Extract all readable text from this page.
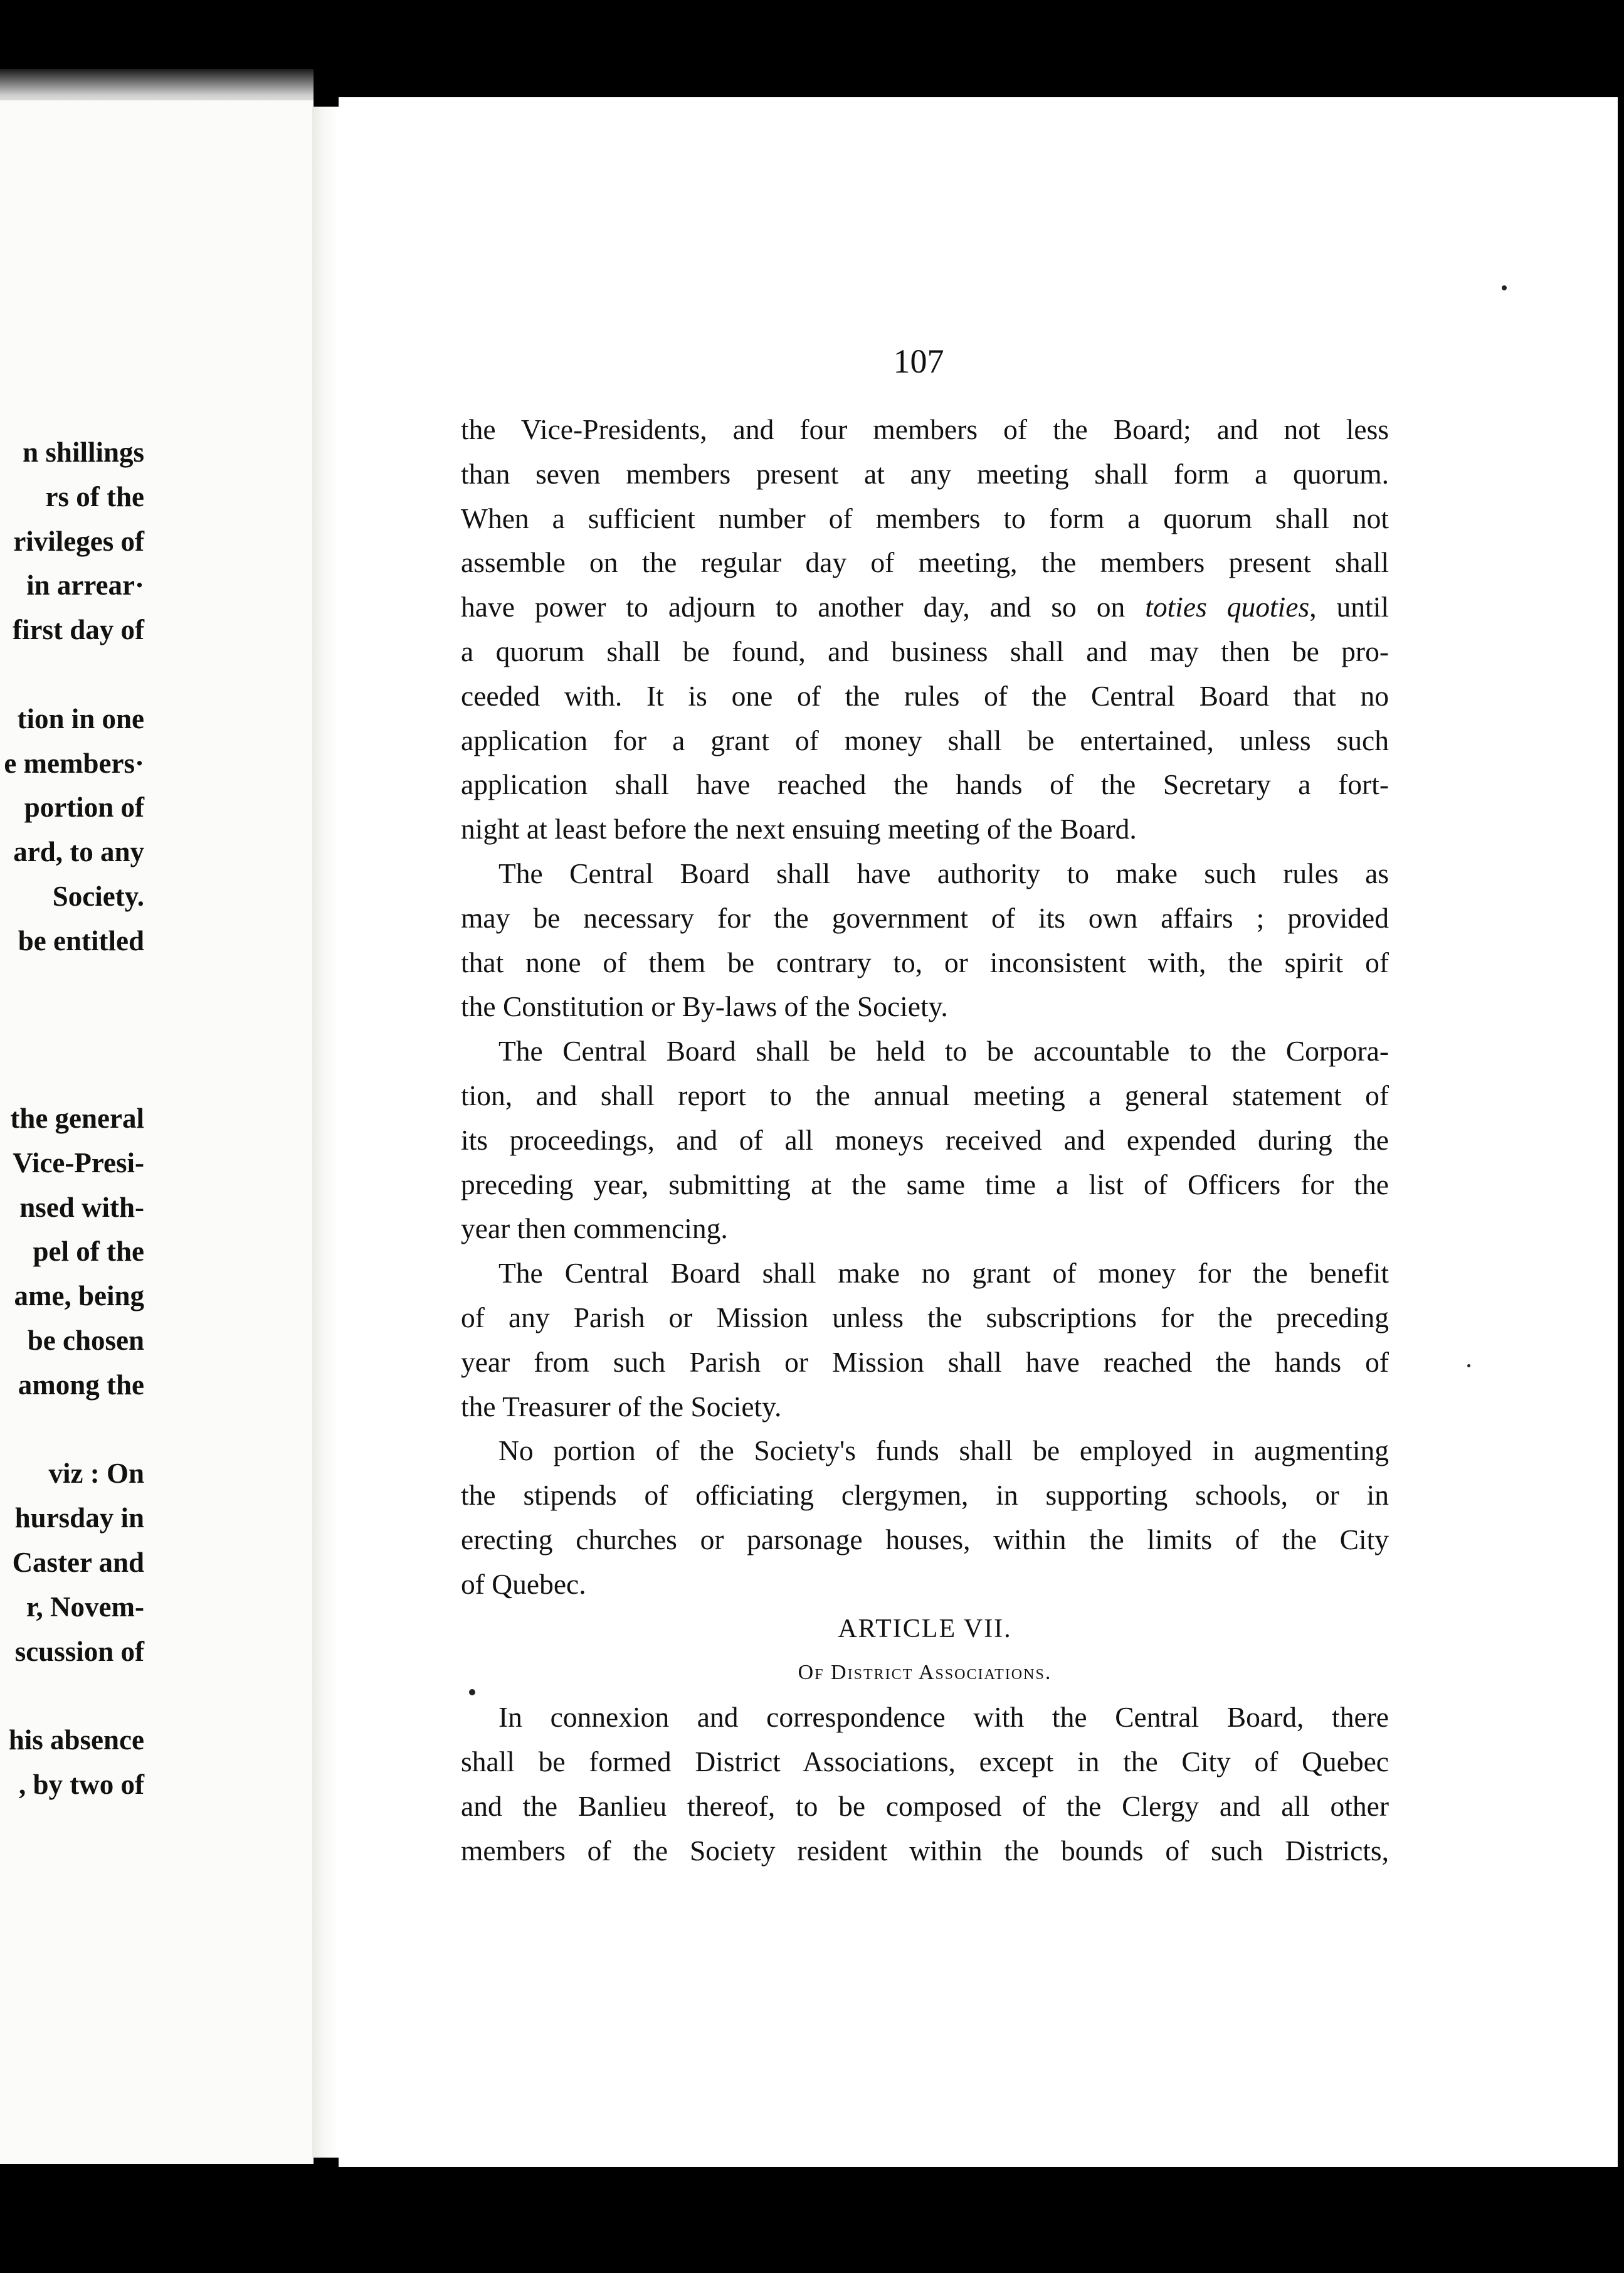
n shillings
rs of the
rivileges of
in arrear·
first day of
tion in one
e members·
portion of
ard, to any
Society.
be entitled
the general
Vice-Presi-
nsed with-
pel of the
ame, being
be chosen
among the
viz : On
hursday in
Caster and
r, Novem-
scussion of
his absence
, by two of
107
the Vice-Presidents, and four members of the Board; and not less
than seven members present at any meeting shall form a quorum.
When a sufficient number of members to form a quorum shall not
assemble on the regular day of meeting, the members present shall
have power to adjourn to another day, and so on toties quoties, until
a quorum shall be found, and business shall and may then be pro-
ceeded with. It is one of the rules of the Central Board that no
application for a grant of money shall be entertained, unless such
application shall have reached the hands of the Secretary a fort-
night at least before the next ensuing meeting of the Board.
The Central Board shall have authority to make such rules as
may be necessary for the government of its own affairs ; provided
that none of them be contrary to, or inconsistent with, the spirit of
the Constitution or By-laws of the Society.
The Central Board shall be held to be accountable to the Corpora-
tion, and shall report to the annual meeting a general statement of
its proceedings, and of all moneys received and expended during the
preceding year, submitting at the same time a list of Officers for the
year then commencing.
The Central Board shall make no grant of money for the benefit
of any Parish or Mission unless the subscriptions for the preceding
year from such Parish or Mission shall have reached the hands of
the Treasurer of the Society.
No portion of the Society's funds shall be employed in augmenting
the stipends of officiating clergymen, in supporting schools, or in
erecting churches or parsonage houses, within the limits of the City
of Quebec.
ARTICLE VII.
Of District Associations.
In connexion and correspondence with the Central Board, there
shall be formed District Associations, except in the City of Quebec
and the Banlieu thereof, to be composed of the Clergy and all other
members of the Society resident within the bounds of such Districts,
